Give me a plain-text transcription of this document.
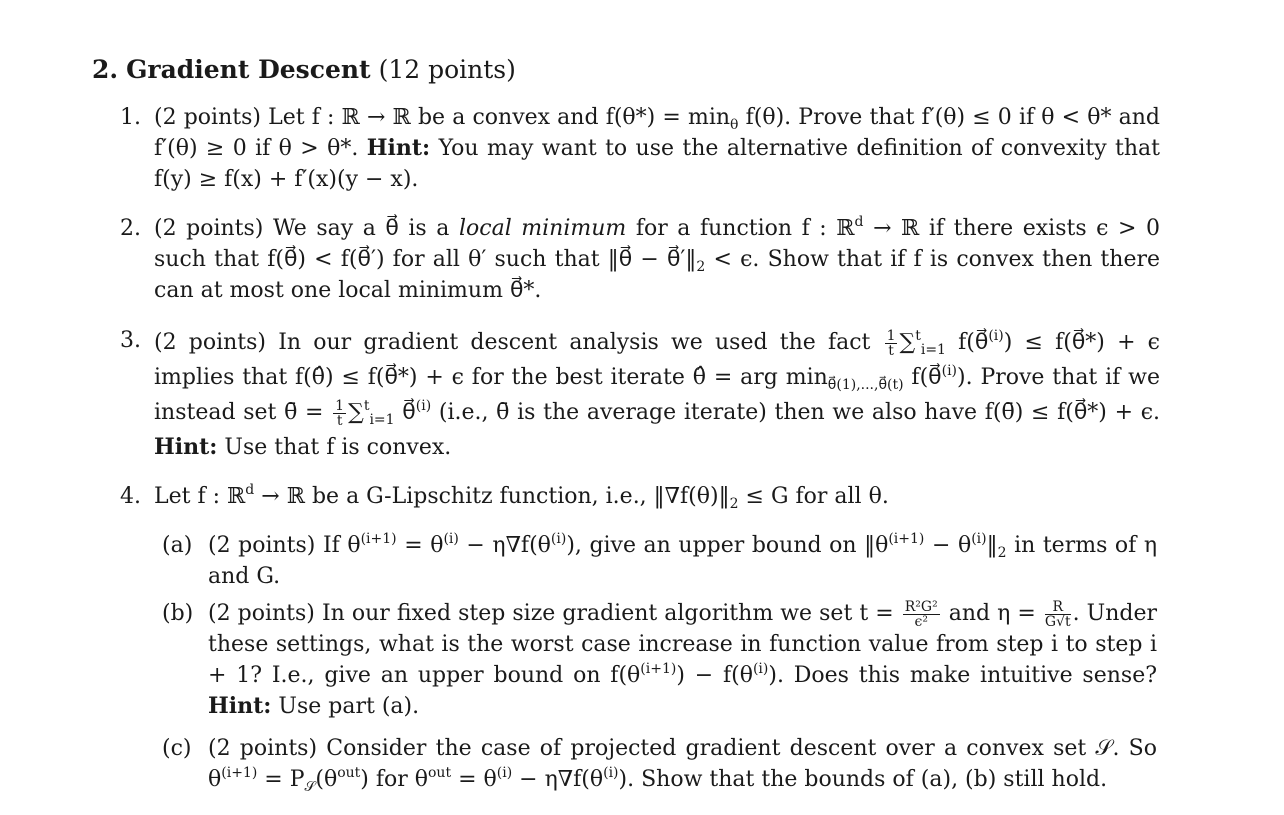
2. Gradient Descent (12 points)
1. (2 points) Let f : ℝ → ℝ be a convex and $f(\theta*) = \min_\theta f(\theta)$. Prove that f′(θ) ≤ 0 if θ < θ* and f′(θ) ≥ 0 if θ > θ*. Hint: You may want to use the alternative definition of convexity that f(y) ≥ f(x) + f′(x)(y − x).
2. (2 points) We say a θ⃗ is a local minimum for a function f : ℝ$^d$ → ℝ if there exists ϵ > 0 such that f(θ⃗) < f(θ⃗′) for all θ′ such that ‖θ⃗ − $\theta⃗'‖_2 < \epsilon$. Show that if f is convex then there can at most one local minimum θ⃗*.
3. (2 points) In our gradient descent analysis we used the fact $\frac{1}{t} \sum^t_{i=1}$ f(θ⃗$^{(i)}$) ≤ f(θ⃗*) + ϵ implies that f(θ̂) ≤ f(θ⃗*) + ϵ for the best iterate θ̂ = arg $\min_{\theta⃗(1),...,\theta⃗(t)}$ f(θ⃗$^{(i)}$). Prove that if we instead set θ̄ = $\frac{1}{t} \sum^t_{i=1}$ θ⃗$^{(i)}$ (i.e., θ̄ is the average iterate) then we also have f(θ̄) ≤ f(θ⃗*) + ϵ. Hint: Use that f is convex.
4. Let f : ℝ$^d$ → ℝ be a G-Lipschitz function, i.e., $‖\nabla f(\theta)‖_2 \le G$ for all θ.
(a) (2 points) If $\theta^{(i+1)} = \theta^{(i)} - \eta\nabla f(\theta^{(i)})$, give an upper bound on $‖\theta^{(i+1)}$ − $\theta^{(i)}‖_2$ in terms of η and G.
(b) (2 points) In our fixed step size gradient algorithm we set $t = \frac{\text{R²G²}}{\text{ϵ²}}$ and $\eta = \frac{R}{G√t}$ . Under these settings, what is the worst case increase in function value from step i to step i + 1? I.e., give an upper bound on $f(\theta^{(i+1)}) - f(\theta^{(i)})$. Does this make intuitive sense? Hint: Use part (a).
(c) (2 points) Consider the case of projected gradient descent over a convex set 𝒮. So $\theta^{(i+1)} = P_𝒮(\theta^{out})$ for $\theta^{out} = \theta^{(i)} - \eta\nabla f(\theta^{(i)})$. Show that the bounds of (a), (b) still hold.
